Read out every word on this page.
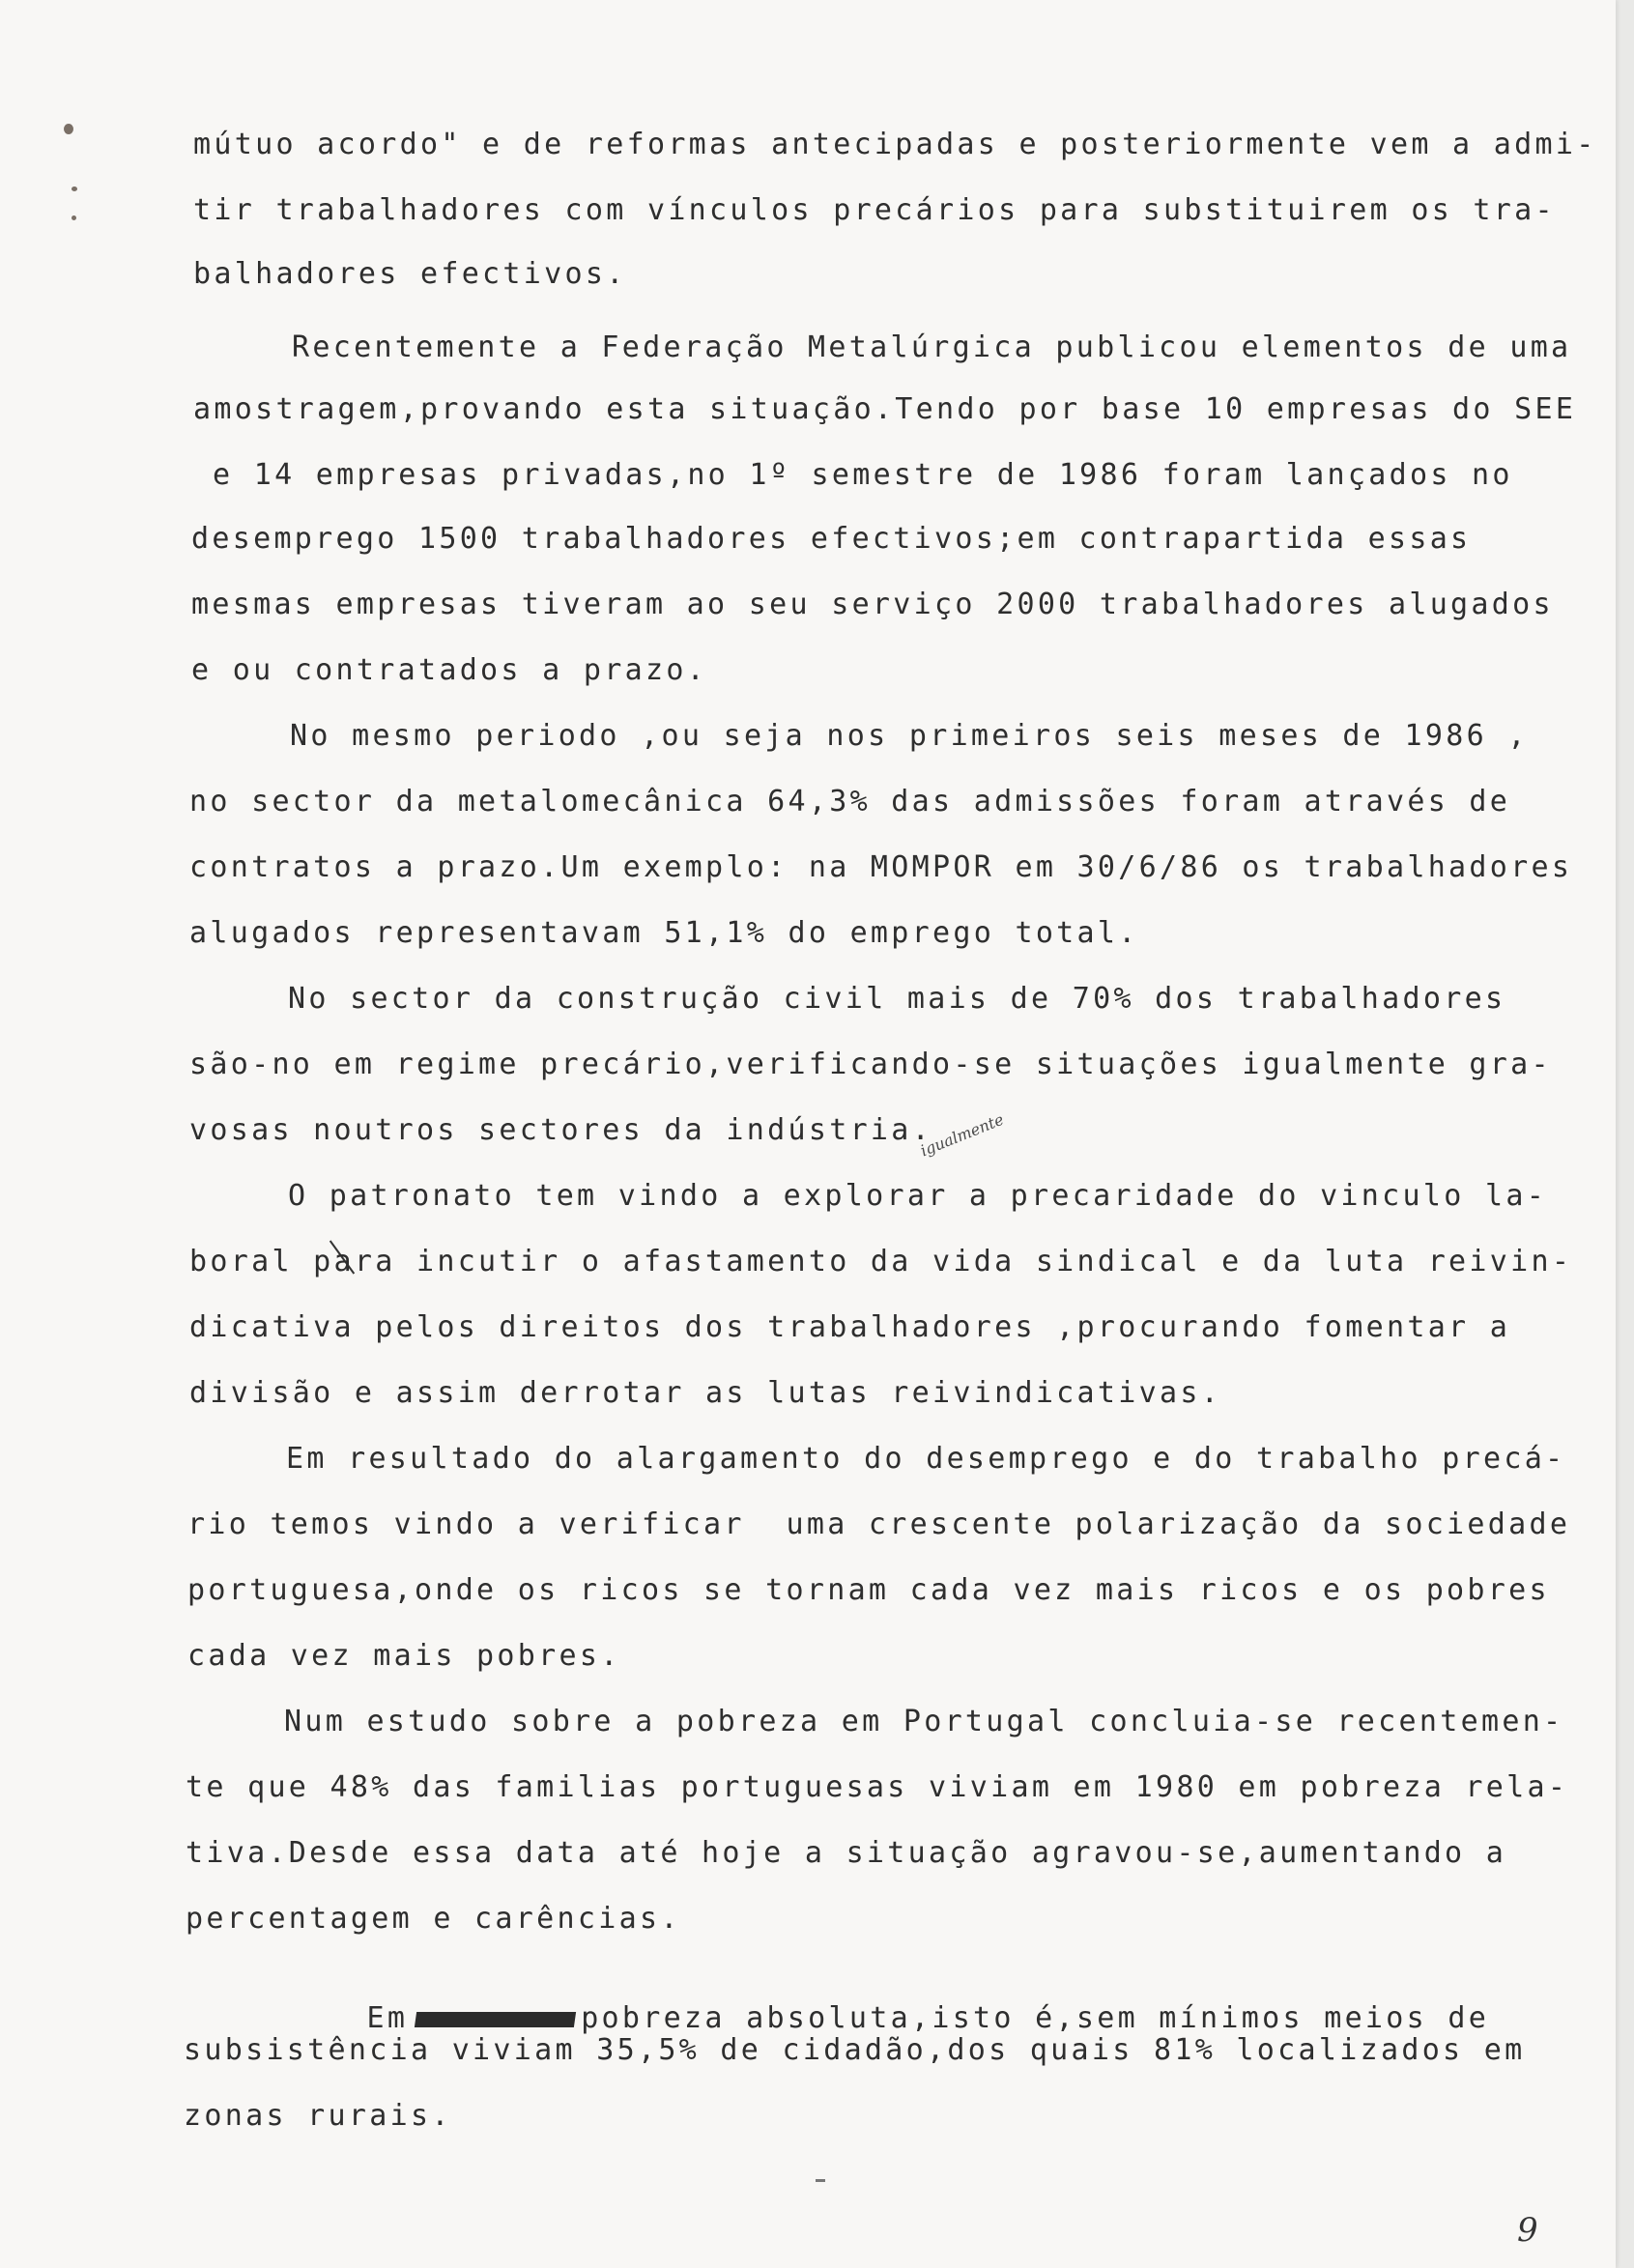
mútuo acordo" e de reformas antecipadas e posteriormente vem a admi-
tir trabalhadores com vínculos precários para substituirem os tra-
balhadores efectivos.
Recentemente a Federação Metalúrgica publicou elementos de uma
amostragem,provando esta situação.Tendo por base 10 empresas do SEE
e 14 empresas privadas,no 1º semestre de 1986 foram lançados no
desemprego 1500 trabalhadores efectivos;em contrapartida essas
mesmas empresas tiveram ao seu serviço 2000 trabalhadores alugados
e ou contratados a prazo.
No mesmo periodo ,ou seja nos primeiros seis meses de 1986 ,
no sector da metalomecânica 64,3% das admissões foram através de
contratos a prazo.Um exemplo: na MOMPOR em 30/6/86 os trabalhadores
alugados representavam 51,1% do emprego total.
No sector da construção civil mais de 70% dos trabalhadores
são-no em regime precário,verificando-se situações igualmente gra-
vosas noutros sectores da indústria.
igualmente
O patronato tem vindo a explorar a precaridade do vinculo la-
boral para incutir o afastamento da vida sindical e da luta reivin-
dicativa pelos direitos dos trabalhadores ,procurando fomentar a
divisão e assim derrotar as lutas reivindicativas.
Em resultado do alargamento do desemprego e do trabalho precá-
rio temos vindo a verificar  uma crescente polarização da sociedade
portuguesa,onde os ricos se tornam cada vez mais ricos e os pobres
cada vez mais pobres.
Num estudo sobre a pobreza em Portugal concluia-se recentemen-
te que 48% das familias portuguesas viviam em 1980 em pobreza rela-
tiva.Desde essa data até hoje a situação agravou-se,aumentando a
percentagem e carências.

Em	pobreza absoluta,isto é,sem mínimos meios de

subsistência viviam 35,5% de cidadão,dos quais 81% localizados em
zonas rurais.
9
